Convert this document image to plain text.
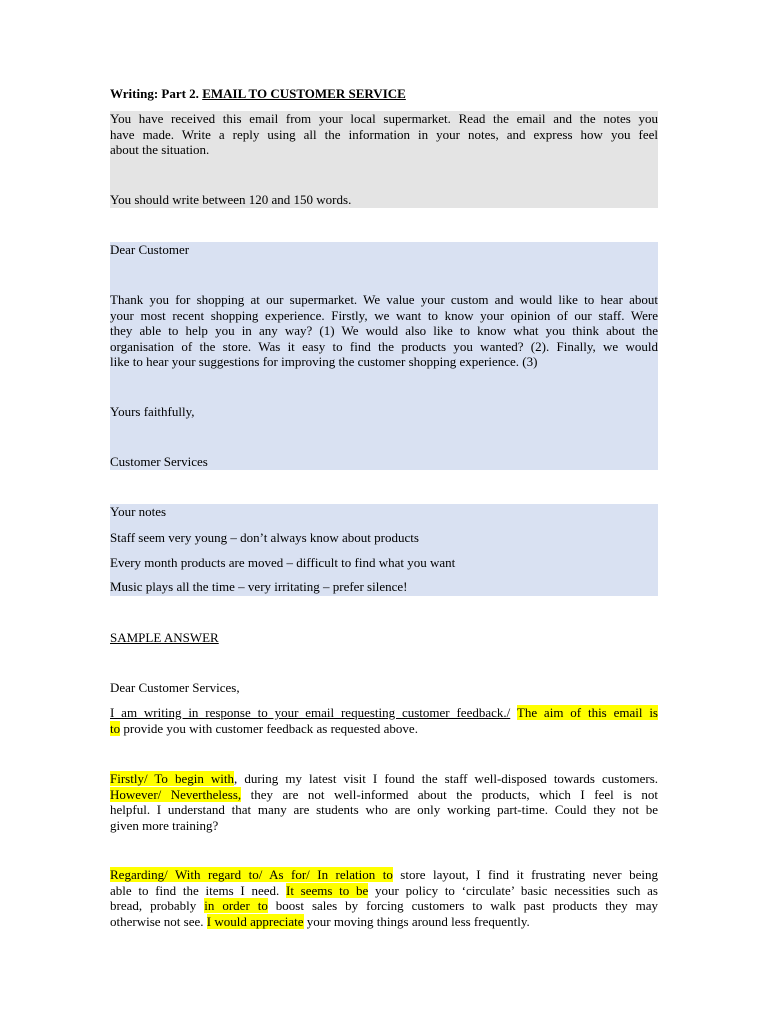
Writing: Part 2. EMAIL TO CUSTOMER SERVICE

You have received this email from your local supermarket. Read the email and the notes you

have made. Write a reply using all the information in your notes, and express how you feel

about the situation.

You should write between 120 and 150 words.

Dear Customer

Thank you for shopping at our supermarket. We value your custom and would like to hear about

your most recent shopping experience. Firstly, we want to know your opinion of our staff. Were

they able to help you in any way? (1) We would also like to know what you think about the

organisation of the store. Was it easy to find the products you wanted? (2). Finally, we would

like to hear your suggestions for improving the customer shopping experience. (3)

Yours faithfully,

Customer Services

Your notes

Staff seem very young – don’t always know about products

Every month products are moved – difficult to find what you want

Music plays all the time – very irritating – prefer silence!

SAMPLE ANSWER

Dear Customer Services,

I am writing in response to your email requesting customer feedback./ The aim of this email is

to provide you with customer feedback as requested above.

Firstly/ To begin with, during my latest visit I found the staff well-disposed towards customers.

However/ Nevertheless, they are not well-informed about the products, which I feel is not

helpful. I understand that many are students who are only working part-time. Could they not be

given more training?

Regarding/ With regard to/ As for/ In relation to store layout, I find it frustrating never being

able to find the items I need. It seems to be your policy to ‘circulate’ basic necessities such as

bread, probably in order to boost sales by forcing customers to walk past products they may

otherwise not see. I would appreciate your moving things around less frequently.
